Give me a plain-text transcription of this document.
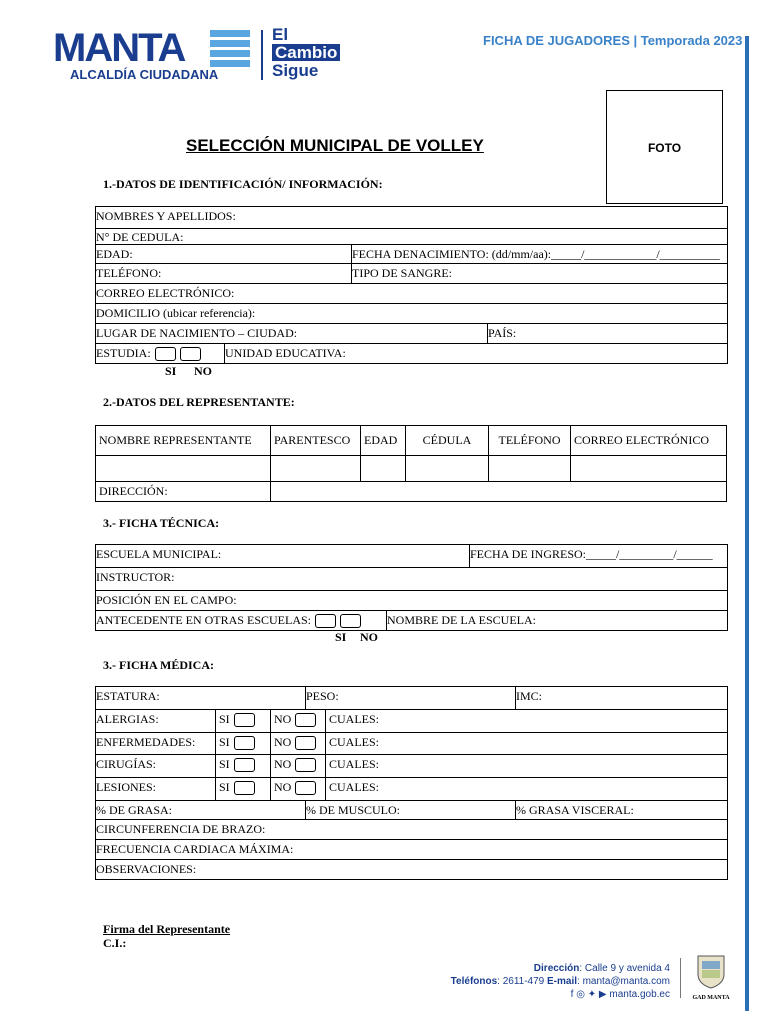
MANTA
ALCALDÍA CIUDADANA
El
Cambio
Sigue
FICHA DE JUGADORES | Temporada 2023
FOTO
SELECCIÓN MUNICIPAL DE VOLLEY
1.-DATOS DE IDENTIFICACIÓN/ INFORMACIÓN:
NOMBRES Y APELLIDOS:
N° DE CEDULA:
EDAD:	FECHA DENACIMIENTO: (dd/mm/aa):_____/____________/__________
TELÉFONO:	TIPO DE SANGRE:
CORREO ELECTRÓNICO:
DOMICILIO (ubicar referencia):
LUGAR DE NACIMIENTO – CIUDAD:	PAÍS:
ESTUDIA:	UNIDAD EDUCATIVA:
SI NO
2.-DATOS DEL REPRESENTANTE:
NOMBRE REPRESENTANTE	PARENTESCO	EDAD	CÉDULA	TELÉFONO	CORREO ELECTRÓNICO

DIRECCIÓN:					
3.- FICHA TÉCNICA:
ESCUELA MUNICIPAL:	FECHA DE INGRESO:_____/_________/______
INSTRUCTOR:
POSICIÓN EN EL CAMPO:
ANTECEDENTE EN OTRAS ESCUELAS:	NOMBRE DE LA ESCUELA:
SI NO
3.- FICHA MÉDICA:
ESTATURA:	PESO:	IMC:
ALERGIAS:	SI	NO	CUALES:
ENFERMEDADES:	SI	NO	CUALES:
CIRUGÍAS:	SI	NO	CUALES:
LESIONES:	SI	NO	CUALES:
% DE GRASA:	% DE MUSCULO:	% GRASA VISCERAL:
CIRCUNFERENCIA DE BRAZO:
FRECUENCIA CARDIACA MÁXIMA:
OBSERVACIONES:
Firma del Representante
C.I.:
Dirección: Calle 9 y avenida 4
Teléfonos: 2611-479 E-mail: manta@manta.com
f ◎ ✦ ▶ manta.gob.ec	GAD MANTA
